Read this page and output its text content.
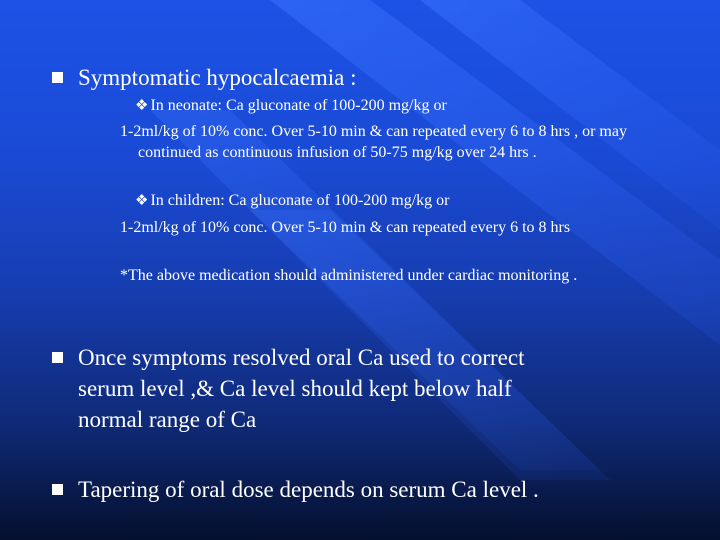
Symptomatic hypocalcaemia :
❖ In neonate: Ca gluconate of 100-200 mg/kg or
1-2ml/kg of 10% conc. Over 5-10 min & can repeated every 6 to 8 hrs , or may continued as continuous infusion of 50-75 mg/kg over 24 hrs .
❖ In children: Ca gluconate of 100-200 mg/kg or
1-2ml/kg of 10% conc. Over 5-10 min & can repeated every 6 to 8 hrs
*The above medication should administered under cardiac monitoring .
Once symptoms resolved oral Ca used to correct
serum level ,& Ca level should kept below half
normal range of Ca
Tapering of oral dose depends on serum Ca level .
